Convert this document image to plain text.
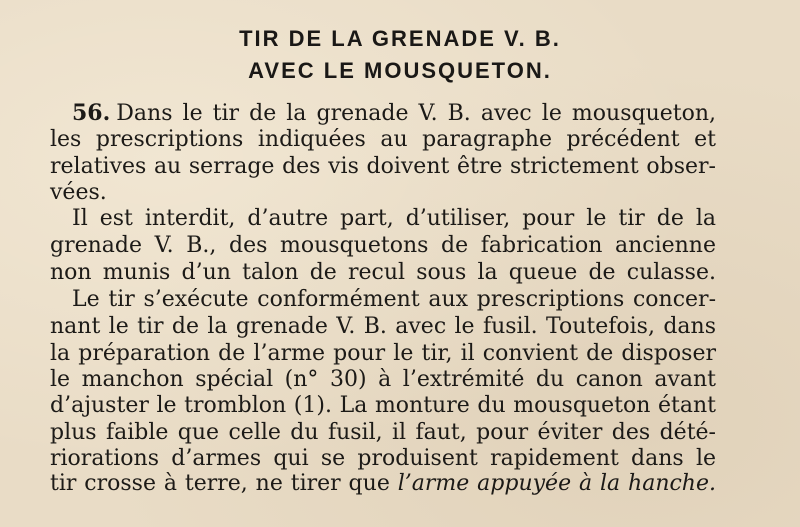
TIR DE LA GRENADE V. B.
AVEC LE MOUSQUETON.
56. Dans le tir de la grenade V. B. avec le mousqueton,
les prescriptions indiquées au paragraphe précédent et
relatives au serrage des vis doivent être strictement obser-
vées.
Il est interdit, d’autre part, d’utiliser, pour le tir de la
grenade V. B., des mousquetons de fabrication ancienne
non munis d’un talon de recul sous la queue de culasse.
Le tir s’exécute conformément aux prescriptions concer-
nant le tir de la grenade V. B. avec le fusil. Toutefois, dans
la préparation de l’arme pour le tir, il convient de disposer
le manchon spécial (n° 30) à l’extrémité du canon avant
d’ajuster le tromblon (1). La monture du mousqueton étant
plus faible que celle du fusil, il faut, pour éviter des dété-
riorations d’armes qui se produisent rapidement dans le
tir crosse à terre, ne tirer que l’arme appuyée à la hanche.
